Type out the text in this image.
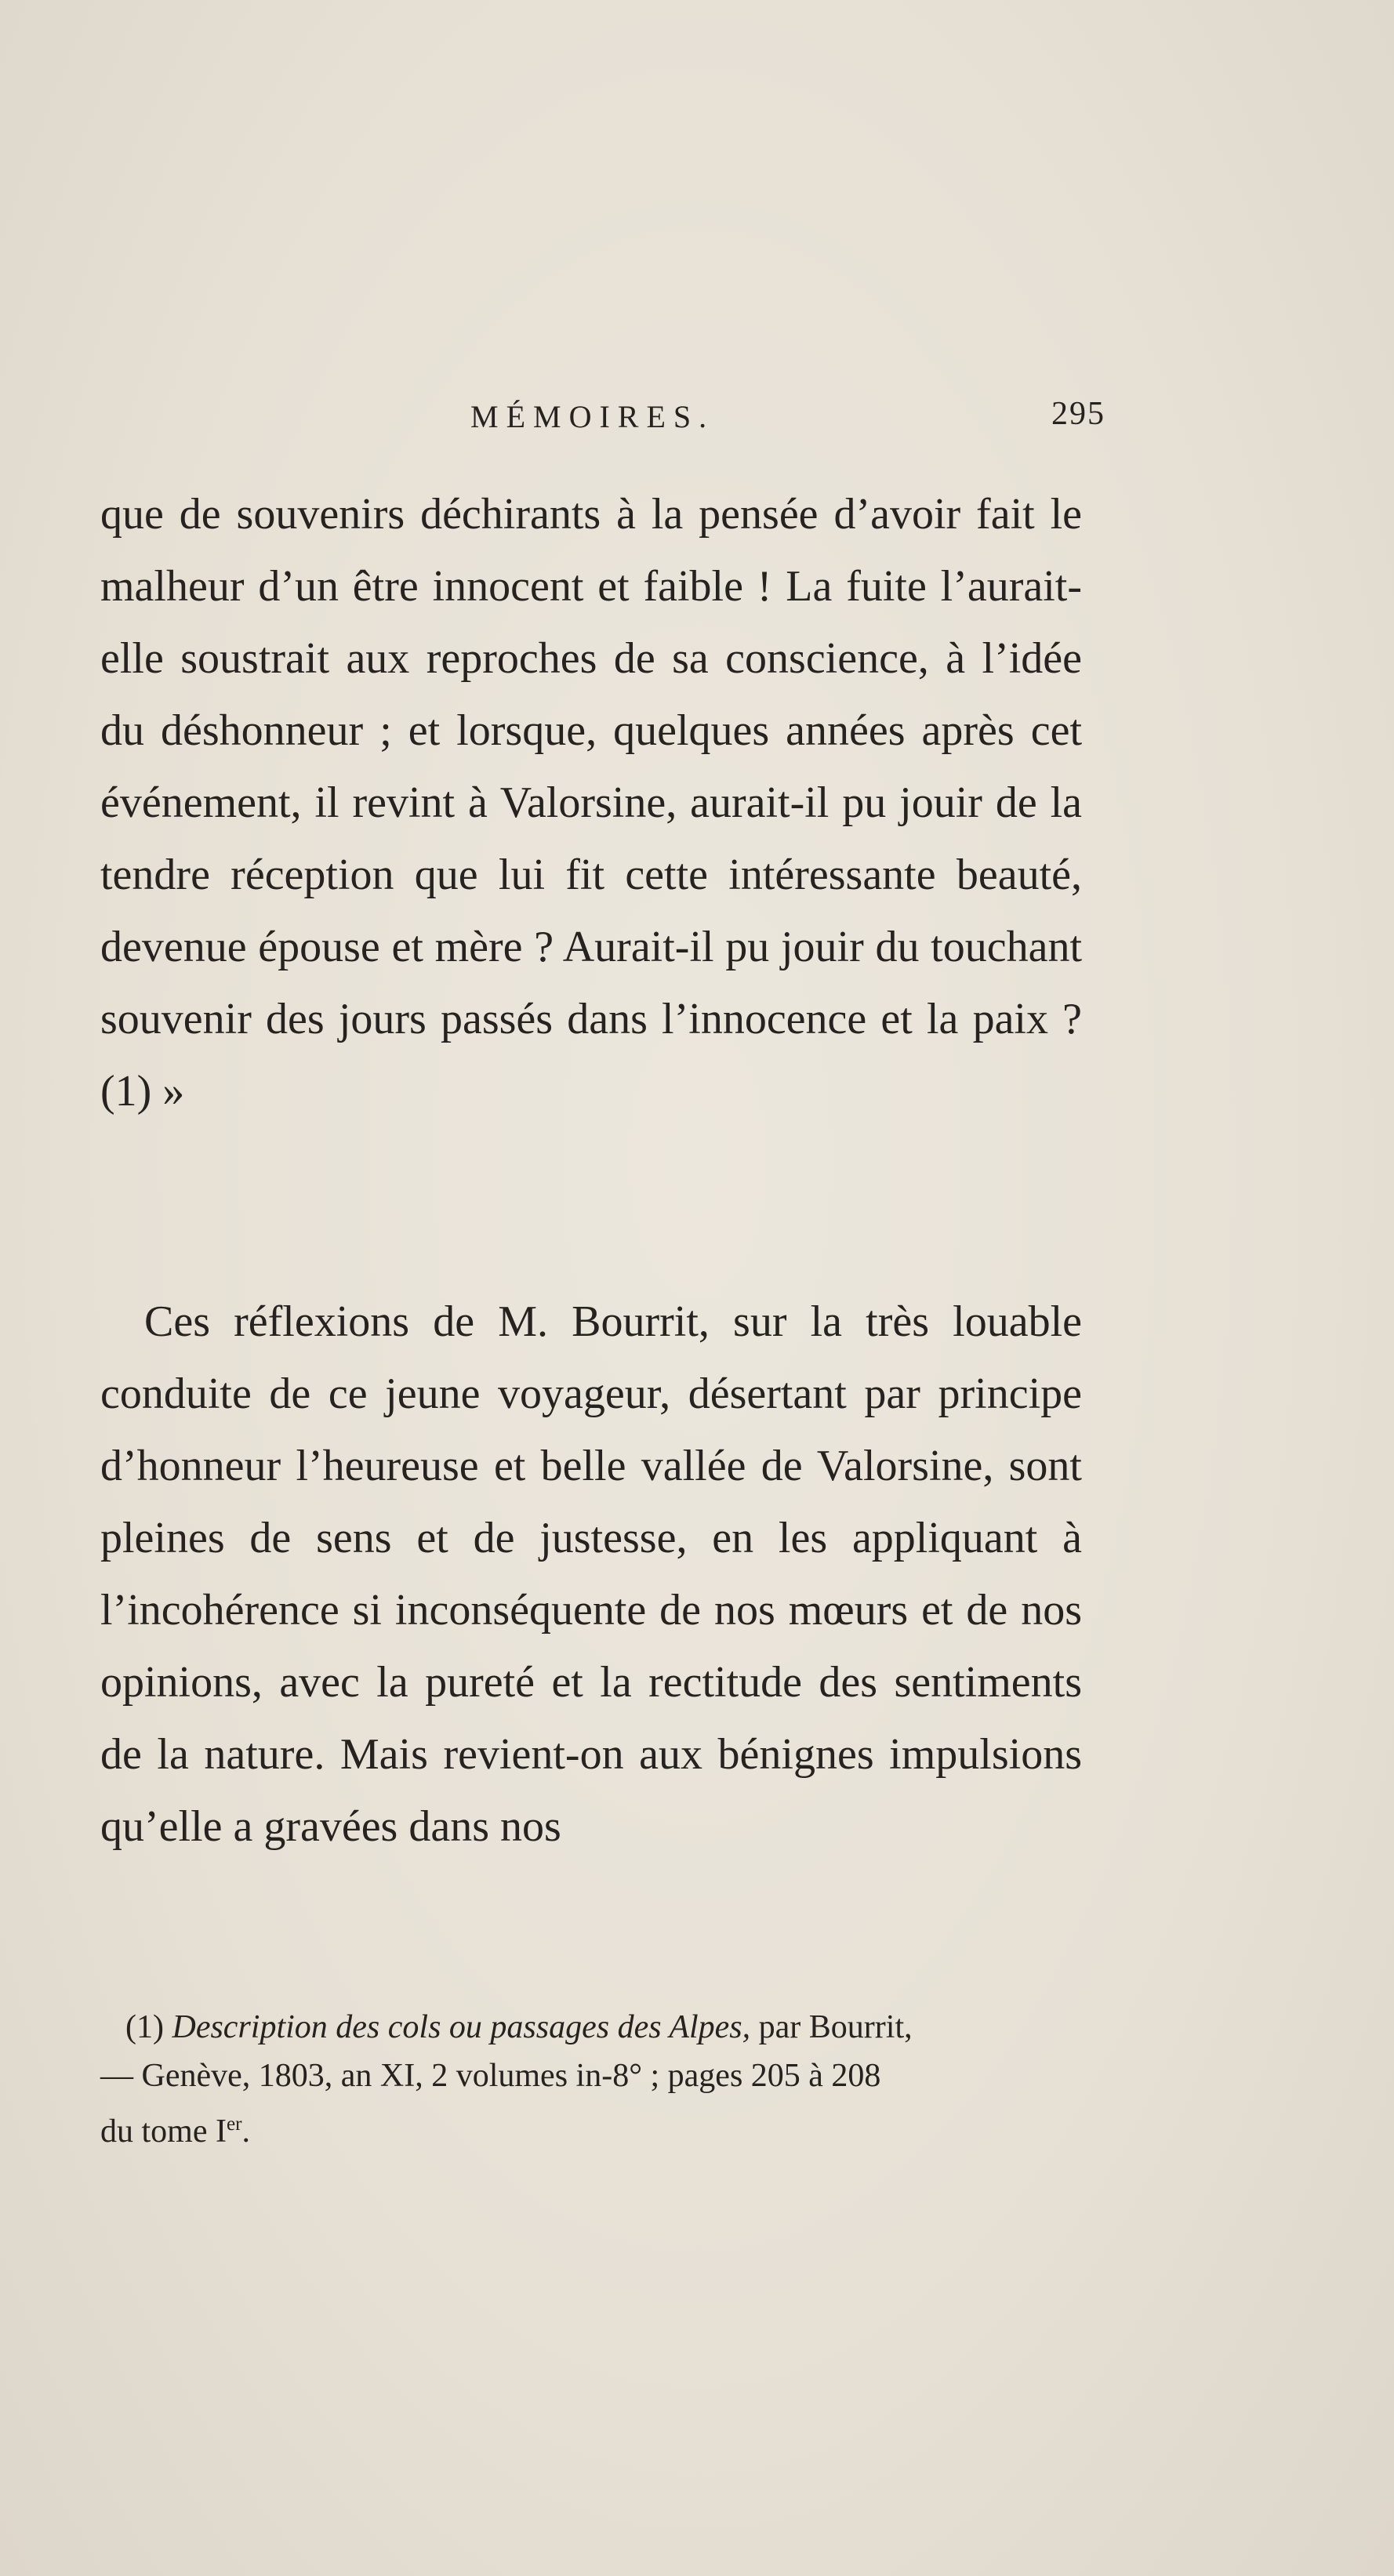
MÉMOIRES.	295
que de souvenirs déchirants à la pensée d’avoir fait le malheur d’un être innocent et faible ! La fuite l’aurait-elle soustrait aux reproches de sa conscience, à l’idée du déshonneur ; et lorsque, quelques années après cet événement, il revint à Valorsine, aurait-il pu jouir de la tendre réception que lui fit cette intéressante beauté, devenue épouse et mère ? Aurait-il pu jouir du touchant souvenir des jours passés dans l’innocence et la paix ? (1) »
Ces réflexions de M. Bourrit, sur la très louable conduite de ce jeune voyageur, désertant par principe d’honneur l’heureuse et belle vallée de Valorsine, sont pleines de sens et de justesse, en les appliquant à l’incohérence si inconséquente de nos mœurs et de nos opinions, avec la pureté et la rectitude des sentiments de la nature. Mais revient-on aux bénignes impulsions qu’elle a gravées dans nos
(1) Description des cols ou passages des Alpes, par Bourrit,
— Genève, 1803, an XI, 2 volumes in-8° ; pages 205 à 208
du tome Ier.
